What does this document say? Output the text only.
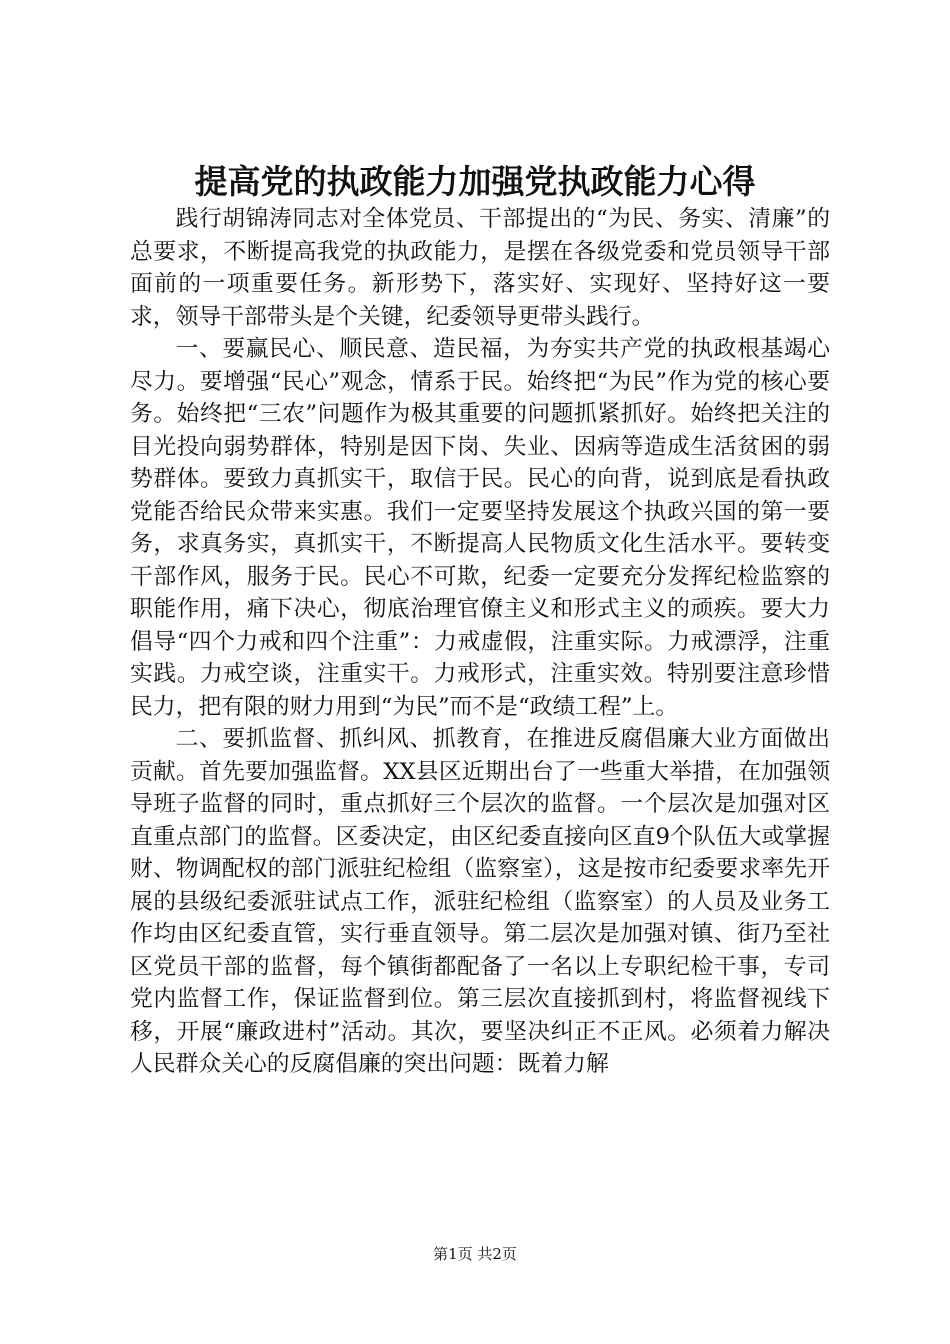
提高党的执政能力加强党执政能力心得

践行胡锦涛同志对全体党员、干部提出的“为民、务实、清廉”的总要求，不断提高我党的执政能力，是摆在各级党委和党员领导干部面前的一项重要任务。新形势下，落实好、实现好、坚持好这一要求，领导干部带头是个关键，纪委领导更带头践行。

一、要赢民心、顺民意、造民福，为夯实共产党的执政根基竭心尽力。要增强“民心”观念，情系于民。始终把“为民”作为党的核心要务。始终把“三农”问题作为极其重要的问题抓紧抓好。始终把关注的目光投向弱势群体，特别是因下岗、失业、因病等造成生活贫困的弱势群体。要致力真抓实干，取信于民。民心的向背，说到底是看执政党能否给民众带来实惠。我们一定要坚持发展这个执政兴国的第一要务，求真务实，真抓实干，不断提高人民物质文化生活水平。要转变干部作风，服务于民。民心不可欺，纪委一定要充分发挥纪检监察的职能作用，痛下决心，彻底治理官僚主义和形式主义的顽疾。要大力倡导“四个力戒和四个注重”：力戒虚假，注重实际。力戒漂浮，注重实践。力戒空谈，注重实干。力戒形式，注重实效。特别要注意珍惜民力，把有限的财力用到“为民”而不是“政绩工程”上。

二、要抓监督、抓纠风、抓教育，在推进反腐倡廉大业方面做出贡献。首先要加强监督。XX县区近期出台了一些重大举措，在加强领导班子监督的同时，重点抓好三个层次的监督。一个层次是加强对区直重点部门的监督。区委决定，由区纪委直接向区直9个队伍大或掌握财、物调配权的部门派驻纪检组（监察室），这是按市纪委要求率先开展的县级纪委派驻试点工作，派驻纪检组（监察室）的人员及业务工作均由区纪委直管，实行垂直领导。第二层次是加强对镇、街乃至社区党员干部的监督，每个镇街都配备了一名以上专职纪检干事，专司党内监督工作，保证监督到位。第三层次直接抓到村，将监督视线下移，开展“廉政进村”活动。其次，要坚决纠正不正风。必须着力解决人民群众关心的反腐倡廉的突出问题：既着力解

第1页 共2页
